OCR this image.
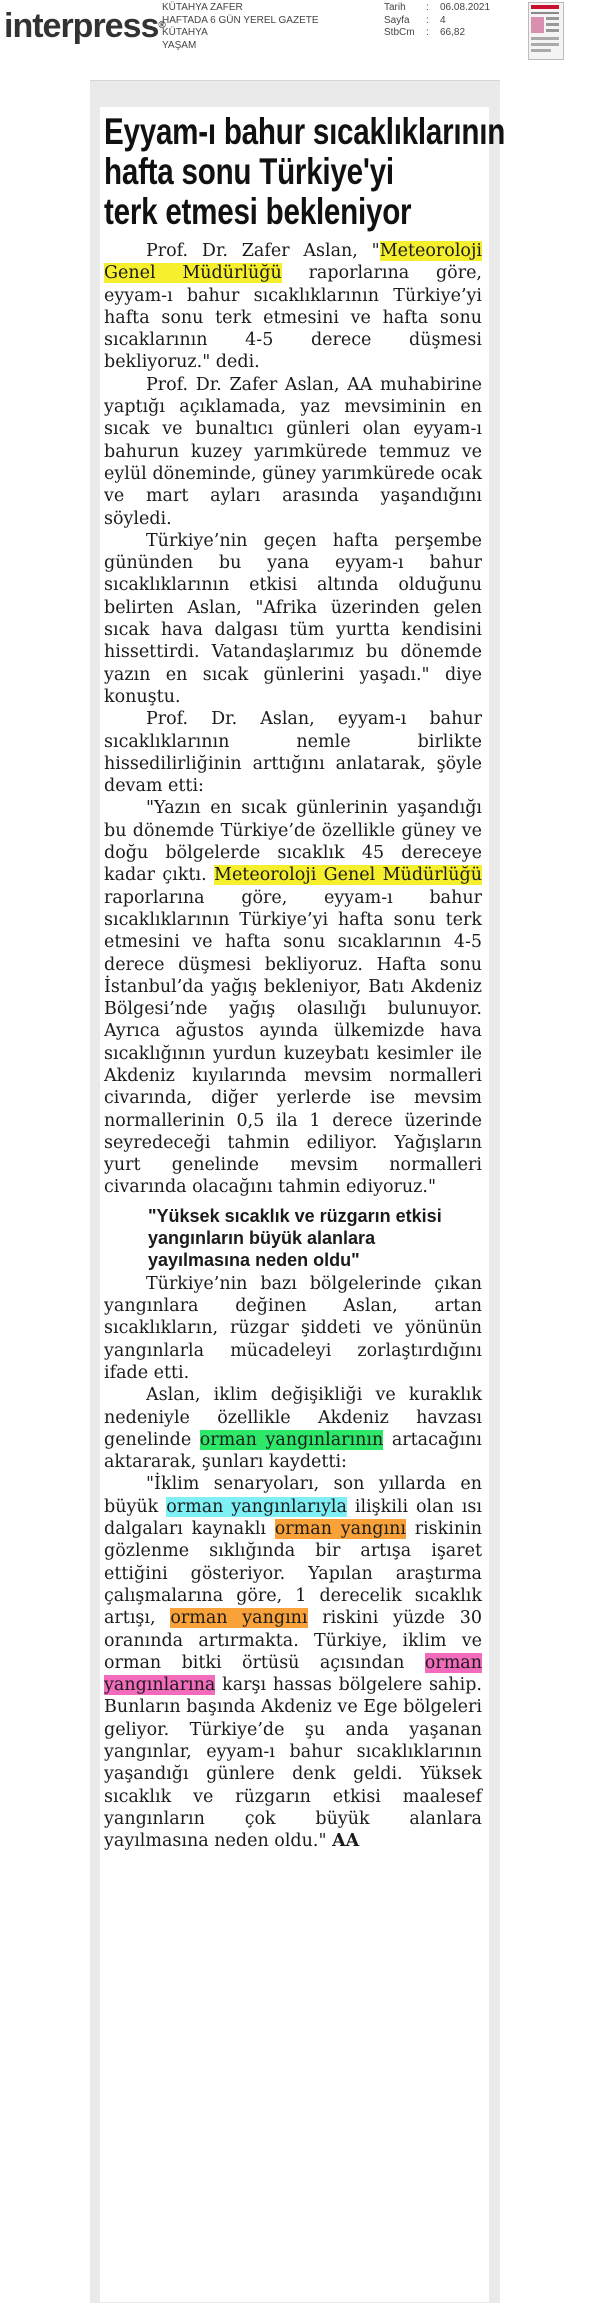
interpress®
KÜTAHYA ZAFER
HAFTADA 6 GÜN YEREL GAZETE
KÜTAHYA
YAŞAM
Tarih	:	06.08.2021
Sayfa	:	4
StbCm	:	66,82
Eyyam-ı bahur sıcaklıklarının
hafta sonu Türkiye'yi
terk etmesi bekleniyor

Prof. Dr. Zafer Aslan, "Meteoroloji Genel Müdürlüğü raporlarına göre, eyyam-ı bahur sıcaklıklarının Türkiye’yi hafta sonu terk etmesini ve hafta sonu sıcaklarının 4-5 derece düşmesi bekliyoruz." dedi.

Prof. Dr. Zafer Aslan, AA muhabirine yaptığı açıklamada, yaz mevsiminin en sıcak ve bunaltıcı günleri olan eyyam-ı bahurun kuzey yarımkürede temmuz ve eylül döneminde, güney yarımkürede ocak ve mart ayları arasında yaşandığını söyledi.

Türkiye’nin geçen hafta perşembe gününden bu yana eyyam-ı bahur sıcaklıklarının etkisi altında olduğunu belirten Aslan, "Afrika üzerinden gelen sıcak hava dalgası tüm yurtta kendisini hissettirdi. Vatandaşlarımız bu dönemde yazın en sıcak günlerini yaşadı." diye konuştu.

Prof. Dr. Aslan, eyyam-ı bahur sıcaklıklarının nemle birlikte hissedilirliğinin arttığını anlatarak, şöyle devam etti:

"Yazın en sıcak günlerinin yaşandığı bu dönemde Türkiye’de özellikle güney ve doğu bölgelerde sıcaklık 45 dereceye kadar çıktı. Meteoroloji Genel Müdürlüğü raporlarına göre, eyyam-ı bahur sıcaklıklarının Türkiye’yi hafta sonu terk etmesini ve hafta sonu sıcaklarının 4-5 derece düşmesi bekliyoruz. Hafta sonu İstanbul’da yağış bekleniyor, Batı Akdeniz Bölgesi’nde yağış olasılığı bulunuyor. Ayrıca ağustos ayında ülkemizde hava sıcaklığının yurdun kuzeybatı kesimler ile Akdeniz kıyılarında mevsim normalleri civarında, diğer yerlerde ise mevsim normallerinin 0,5 ila 1 derece üzerinde seyredeceği tahmin ediliyor. Yağışların yurt genelinde mevsim normalleri civarında olacağını tahmin ediyoruz."

"Yüksek sıcaklık ve rüzgarın etkisi yangınların büyük alanlara yayılmasına neden oldu"

Türkiye’nin bazı bölgelerinde çıkan yangınlara değinen Aslan, artan sıcaklıkların, rüzgar şiddeti ve yönünün yangınlarla mücadeleyi zorlaştırdığını ifade etti.

Aslan, iklim değişikliği ve kuraklık nedeniyle özellikle Akdeniz havzası genelinde orman yangınlarının artacağını aktararak, şunları kaydetti:

"İklim senaryoları, son yıllarda en büyük orman yangınlarıyla ilişkili olan ısı dalgaları kaynaklı orman yangını riskinin gözlenme sıklığında bir artışa işaret ettiğini gösteriyor. Yapılan araştırma çalışmalarına göre, 1 derecelik sıcaklık artışı, orman yangını riskini yüzde 30 oranında artırmakta. Türkiye, iklim ve orman bitki örtüsü açısından orman yangınlarına karşı hassas bölgelere sahip. Bunların başında Akdeniz ve Ege bölgeleri geliyor. Türkiye’de şu anda yaşanan yangınlar, eyyam-ı bahur sıcaklıklarının yaşandığı günlere denk geldi. Yüksek sıcaklık ve rüzgarın etkisi maalesef yangınların çok büyük alanlara yayılmasına neden oldu." AA
